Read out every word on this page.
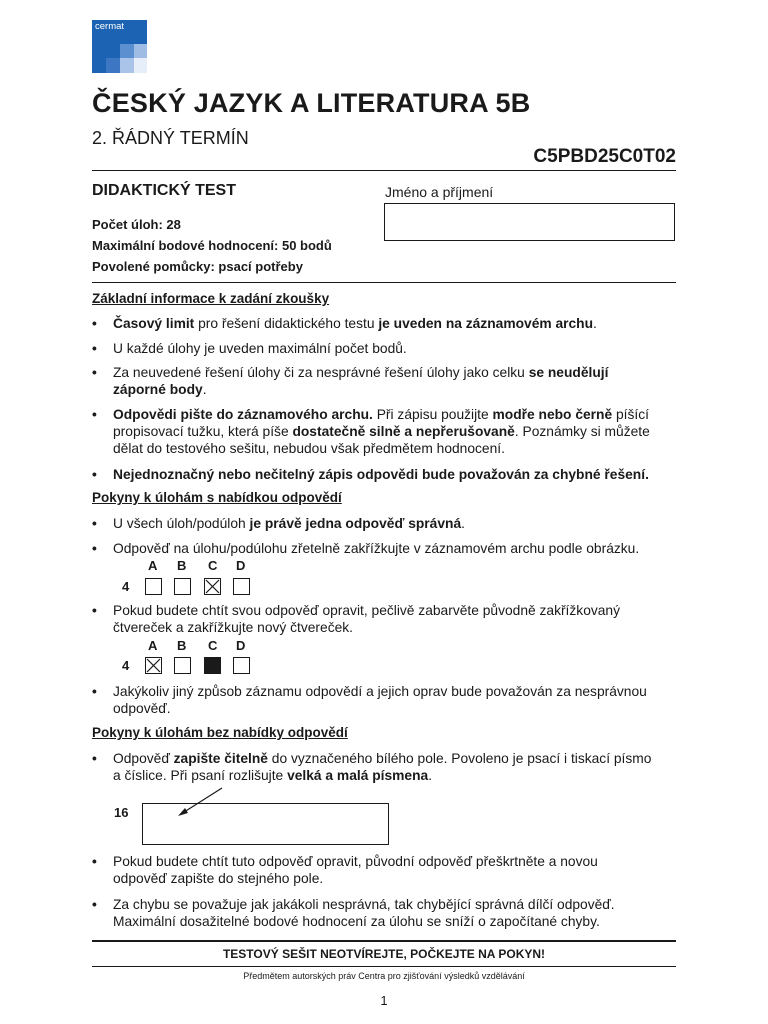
cermat
ČESKÝ JAZYK A LITERATURA 5B
2. ŘÁDNÝ TERMÍN
C5PBD25C0T02
DIDAKTICKÝ TEST
Počet úloh: 28
Maximální bodové hodnocení: 50 bodů
Povolené pomůcky: psací potřeby
Jméno a příjmení
Základní informace k zadání zkoušky
• Časový limit pro řešení didaktického testu je uveden na záznamovém archu.
• U každé úlohy je uveden maximální počet bodů.
• Za neuvedené řešení úlohy či za nesprávné řešení úlohy jako celku se neudělují
záporné body.
• Odpovědi pište do záznamového archu. Při zápisu použijte modře nebo černě píšící
propisovací tužku, která píše dostatečně silně a nepřerušovaně. Poznámky si můžete
dělat do testového sešitu, nebudou však předmětem hodnocení.
• Nejednoznačný nebo nečitelný zápis odpovědi bude považován za chybné řešení.
Pokyny k úlohám s nabídkou odpovědí
• U všech úloh/podúloh je právě jedna odpověď správná.
• Odpověď na úlohu/podúlohu zřetelně zakřížkujte v záznamovém archu podle obrázku.
A B C D
4
• Pokud budete chtít svou odpověď opravit, pečlivě zabarvěte původně zakřížkovaný
čtvereček a zakřížkujte nový čtvereček.
A B C D
4
• Jakýkoliv jiný způsob záznamu odpovědí a jejich oprav bude považován za nesprávnou
odpověď.
Pokyny k úlohám bez nabídky odpovědí
• Odpověď zapište čitelně do vyznačeného bílého pole. Povoleno je psací i tiskací písmo
a číslice. Při psaní rozlišujte velká a malá písmena.
16
• Pokud budete chtít tuto odpověď opravit, původní odpověď přeškrtněte a novou
odpověď zapište do stejného pole.
• Za chybu se považuje jak jakákoli nesprávná, tak chybějící správná dílčí odpověď.
Maximální dosažitelné bodové hodnocení za úlohu se sníží o započítané chyby.
TESTOVÝ SEŠIT NEOTVÍREJTE, POČKEJTE NA POKYN!
Předmětem autorských práv Centra pro zjišťování výsledků vzdělávání
1
